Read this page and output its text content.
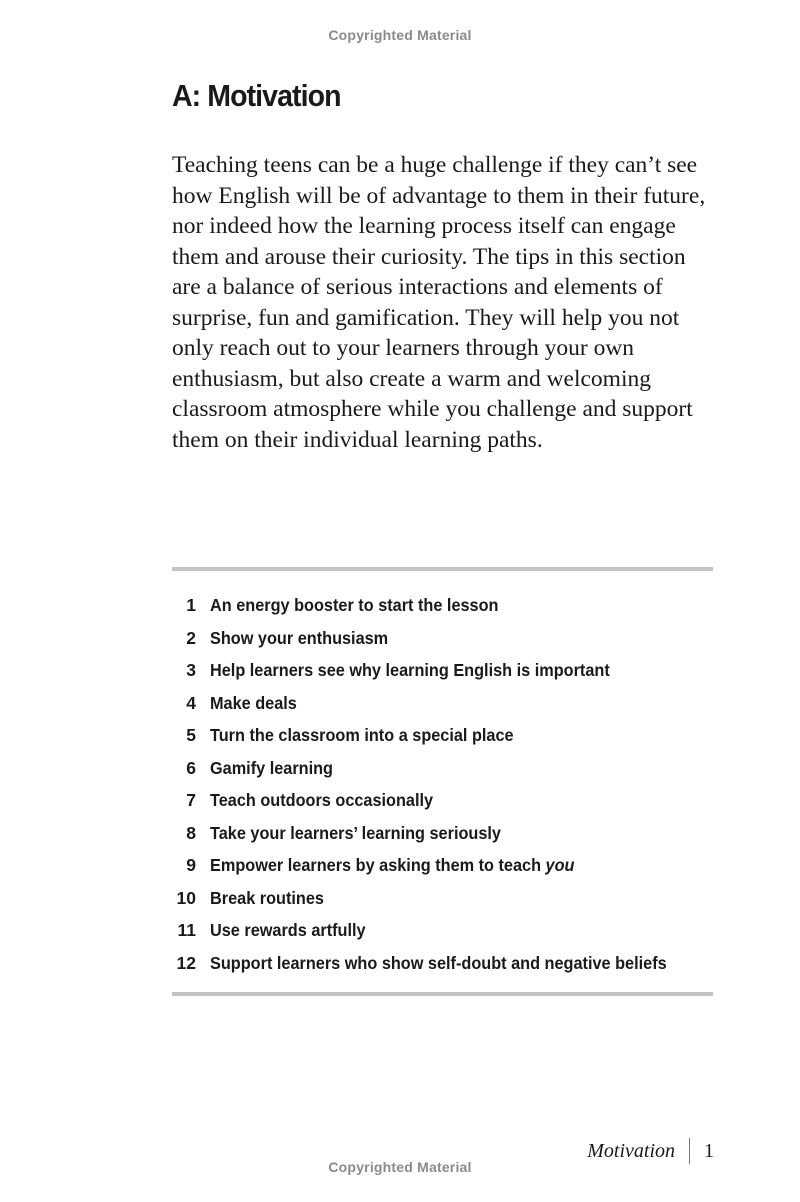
Copyrighted Material
A: Motivation

Teaching teens can be a huge challenge if they can’t see how English will be of advantage to them in their future, nor indeed how the learning process itself can engage them and arouse their curiosity. The tips in this section are a balance of serious interactions and elements of surprise, fun and gamification. They will help you not only reach out to your learners through your own enthusiasm, but also create a warm and welcoming classroom atmosphere while you challenge and support them on their individual learning paths.

1 An energy booster to start the lesson
2 Show your enthusiasm
3 Help learners see why learning English is important
4 Make deals
5 Turn the classroom into a special place
6 Gamify learning
7 Teach outdoors occasionally
8 Take your learners’ learning seriously
9 Empower learners by asking them to teach you
10 Break routines
11 Use rewards artfully
12 Support learners who show self-doubt and negative beliefs
Motivation 1
Copyrighted Material
